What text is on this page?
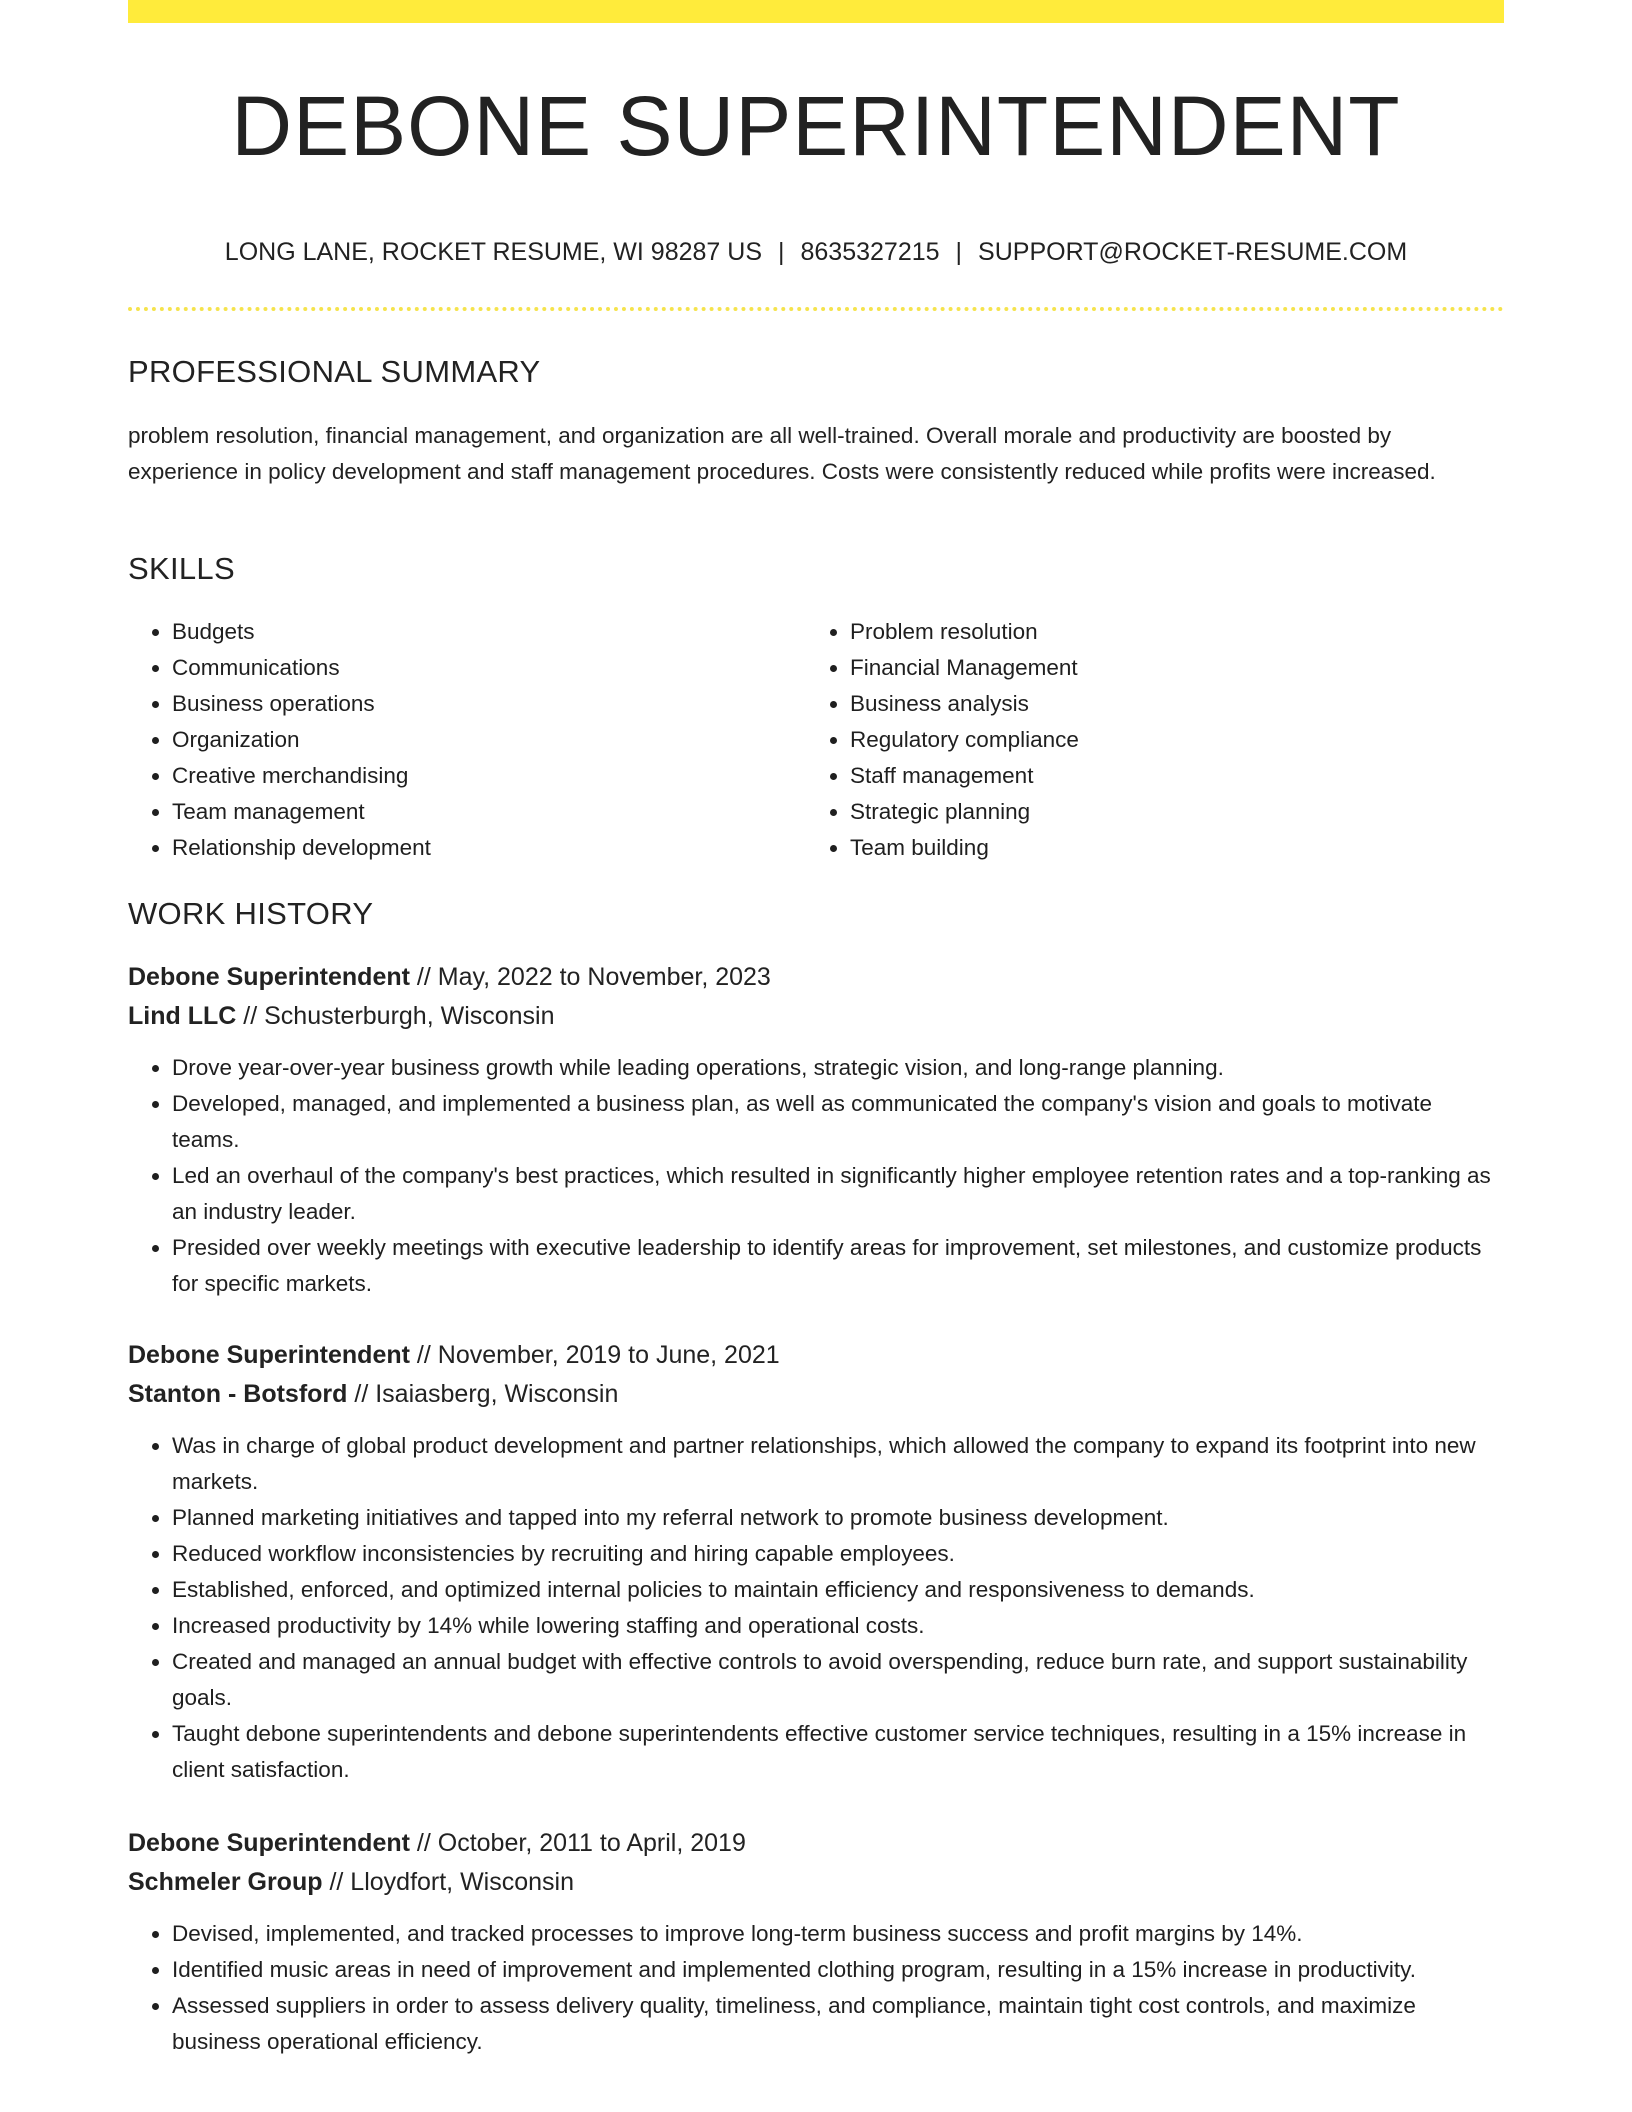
DEBONE SUPERINTENDENT
LONG LANE, ROCKET RESUME, WI 98287 US | 8635327215 | SUPPORT@ROCKET-RESUME.COM
PROFESSIONAL SUMMARY

problem resolution, financial management, and organization are all well-trained. Overall morale and productivity are boosted by experience in policy development and staff management procedures. Costs were consistently reduced while profits were increased.

SKILLS
• Budgets
• Communications
• Business operations
• Organization
• Creative merchandising
• Team management
• Relationship development
• Problem resolution
• Financial Management
• Business analysis
• Regulatory compliance
• Staff management
• Strategic planning
• Team building
WORK HISTORY
Debone Superintendent // May, 2022 to November, 2023
Lind LLC // Schusterburgh, Wisconsin
• Drove year-over-year business growth while leading operations, strategic vision, and long-range planning.
• Developed, managed, and implemented a business plan, as well as communicated the company's vision and goals to motivate teams.
• Led an overhaul of the company's best practices, which resulted in significantly higher employee retention rates and a top-ranking as an industry leader.
• Presided over weekly meetings with executive leadership to identify areas for improvement, set milestones, and customize products for specific markets.
Debone Superintendent // November, 2019 to June, 2021
Stanton - Botsford // Isaiasberg, Wisconsin
• Was in charge of global product development and partner relationships, which allowed the company to expand its footprint into new markets.
• Planned marketing initiatives and tapped into my referral network to promote business development.
• Reduced workflow inconsistencies by recruiting and hiring capable employees.
• Established, enforced, and optimized internal policies to maintain efficiency and responsiveness to demands.
• Increased productivity by 14% while lowering staffing and operational costs.
• Created and managed an annual budget with effective controls to avoid overspending, reduce burn rate, and support sustainability goals.
• Taught debone superintendents and debone superintendents effective customer service techniques, resulting in a 15% increase in client satisfaction.
Debone Superintendent // October, 2011 to April, 2019
Schmeler Group // Lloydfort, Wisconsin
• Devised, implemented, and tracked processes to improve long-term business success and profit margins by 14%.
• Identified music areas in need of improvement and implemented clothing program, resulting in a 15% increase in productivity.
• Assessed suppliers in order to assess delivery quality, timeliness, and compliance, maintain tight cost controls, and maximize business operational efficiency.
